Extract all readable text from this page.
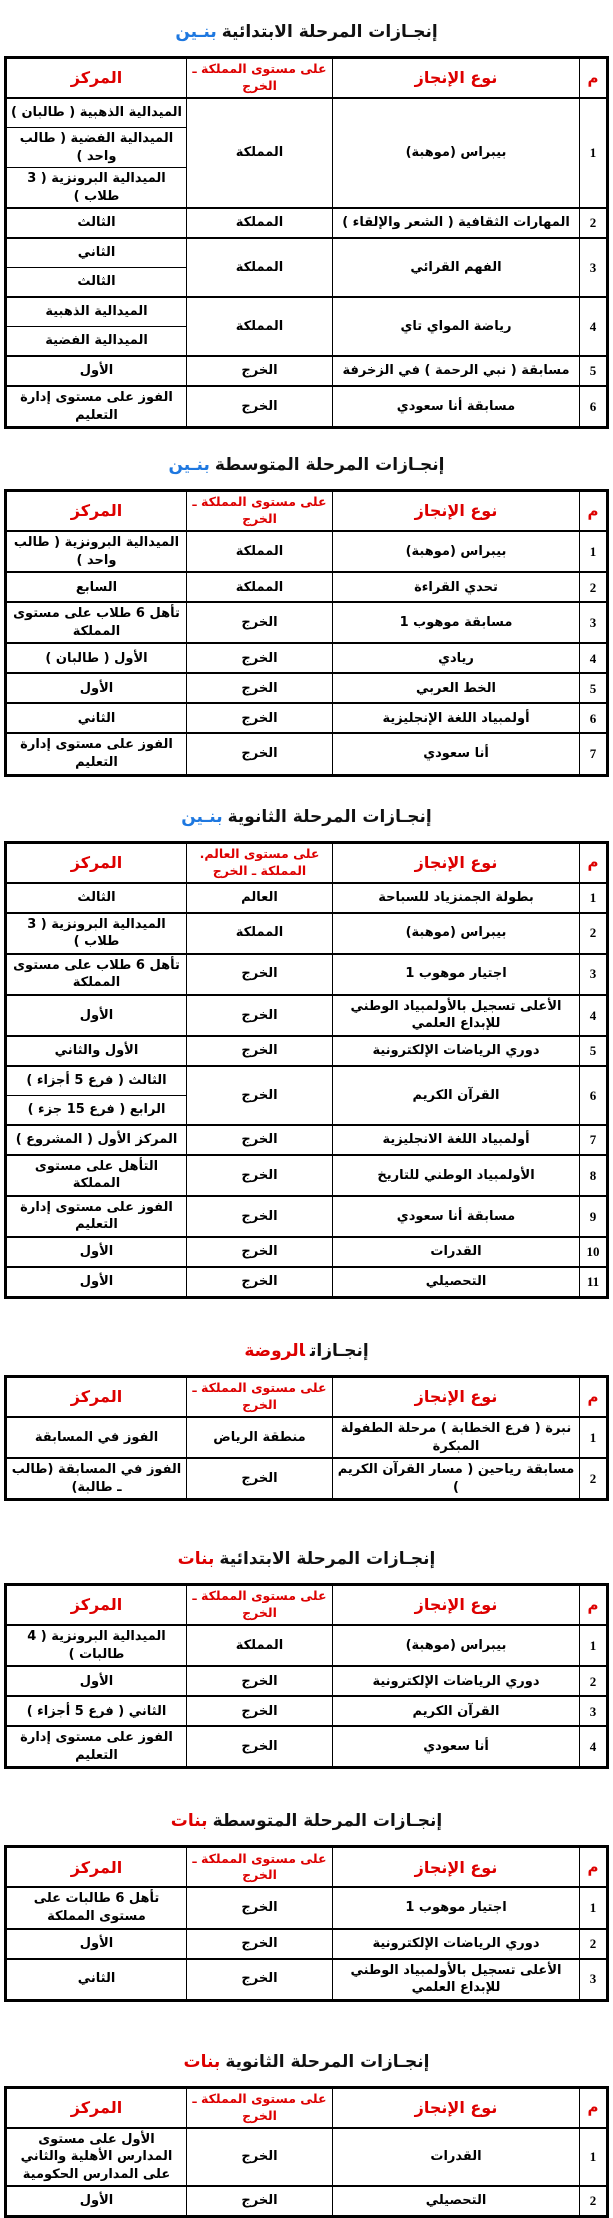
إنجـازات المرحلة الابتدائيةبنـين
م	نوع الإنجاز	على مستوى المملكة ـ الخرج	المركز
1	بيبراس (موهبة)	المملكة	الميدالية الذهبية ( طالبان )
			الميدالية الفضية ( طالب واحد )
			الميدالية البرونزية ( 3 طلاب )
2	المهارات الثقافية ( الشعر والإلقاء )	المملكة	الثالث
3	الفهم القرائي	المملكة	الثاني
			الثالث
4	رياضة المواي تاي	المملكة	الميدالية الذهبية
			الميدالية الفضية
5	مسابقة ( نبي الرحمة ) في الزخرفة	الخرج	الأول
6	مسابقة أنا سعودي	الخرج	الفوز على مستوى إدارة التعليم
إنجـازات المرحلة المتوسطةبنـين
م	نوع الإنجاز	على مستوى المملكة ـ الخرج	المركز
1	بيبراس (موهبة)	المملكة	الميدالية البرونزية ( طالب واحد )
2	تحدي القراءة	المملكة	السابع
3	مسابقة موهوب 1	الخرج	تأهل 6 طلاب على مستوى المملكة
4	ريادي	الخرج	الأول ( طالبان )
5	الخط العربي	الخرج	الأول
6	أولمبياد اللغة الإنجليزية	الخرج	الثاني
7	أنا سعودي	الخرج	الفوز على مستوى إدارة التعليم
إنجـازات المرحلة الثانويةبنـين
م	نوع الإنجاز	على مستوى العالم. المملكة ـ الخرج	المركز
1	بطولة الجمنزياد للسباحة	العالم	الثالث
2	بيبراس (موهبة)	المملكة	الميدالية البرونزية ( 3 طلاب )
3	اجتيار موهوب 1	الخرج	تأهل 6 طلاب على مستوى المملكة
4	الأعلى تسجيل بالأولمبياد الوطني للإبداع العلمي	الخرج	الأول
5	دوري الرياضات الإلكترونية	الخرج	الأول والثاني
6	القرآن الكريم	الخرج	الثالث ( فرع 5 أجزاء )
			الرابع ( فرع 15 جزء )
7	أولمبياد اللغة الانجليزية	الخرج	المركز الأول ( المشروع )
8	الأولمبياد الوطني للتاريخ	الخرج	التأهل على مستوى المملكة
9	مسابقة أنا سعودي	الخرج	الفوز على مستوى إدارة التعليم
10	القدرات	الخرج	الأول
11	التحصيلي	الخرج	الأول
إنجـازاتالروضة
م	نوع الإنجاز	على مستوى المملكة ـ الخرج	المركز
1	نبرة ( فرع الخطابة ) مرحلة الطفولة المبكرة	منطقة الرياض	الفوز في المسابقة
2	مسابقة رياحين ( مسار القرآن الكريم )	الخرج	الفوز في المسابقة (طالب ـ طالبة)
إنجـازات المرحلة الابتدائيةبنات
م	نوع الإنجاز	على مستوى المملكة ـ الخرج	المركز
1	بيبراس (موهبة)	المملكة	الميدالية البرونزية ( 4 طالبات )
2	دوري الرياضات الإلكترونية	الخرج	الأول
3	القرآن الكريم	الخرج	الثاني ( فرع 5 أجزاء )
4	أنا سعودي	الخرج	الفوز على مستوى إدارة التعليم
إنجـازات المرحلة المتوسطةبنات
م	نوع الإنجاز	على مستوى المملكة ـ الخرج	المركز
1	اجتيار موهوب 1	الخرج	تأهل 6 طالبات على مستوى المملكة
2	دوري الرياضات الإلكترونية	الخرج	الأول
3	الأعلى تسجيل بالأولمبياد الوطني للإبداع العلمي	الخرج	الثاني
إنجـازات المرحلة الثانويةبنات
م	نوع الإنجاز	على مستوى المملكة ـ الخرج	المركز
1	القدرات	الخرج	الأول على مستوى المدارس الأهلية والثاني على المدارس الحكومية
2	التحصيلي	الخرج	الأول
